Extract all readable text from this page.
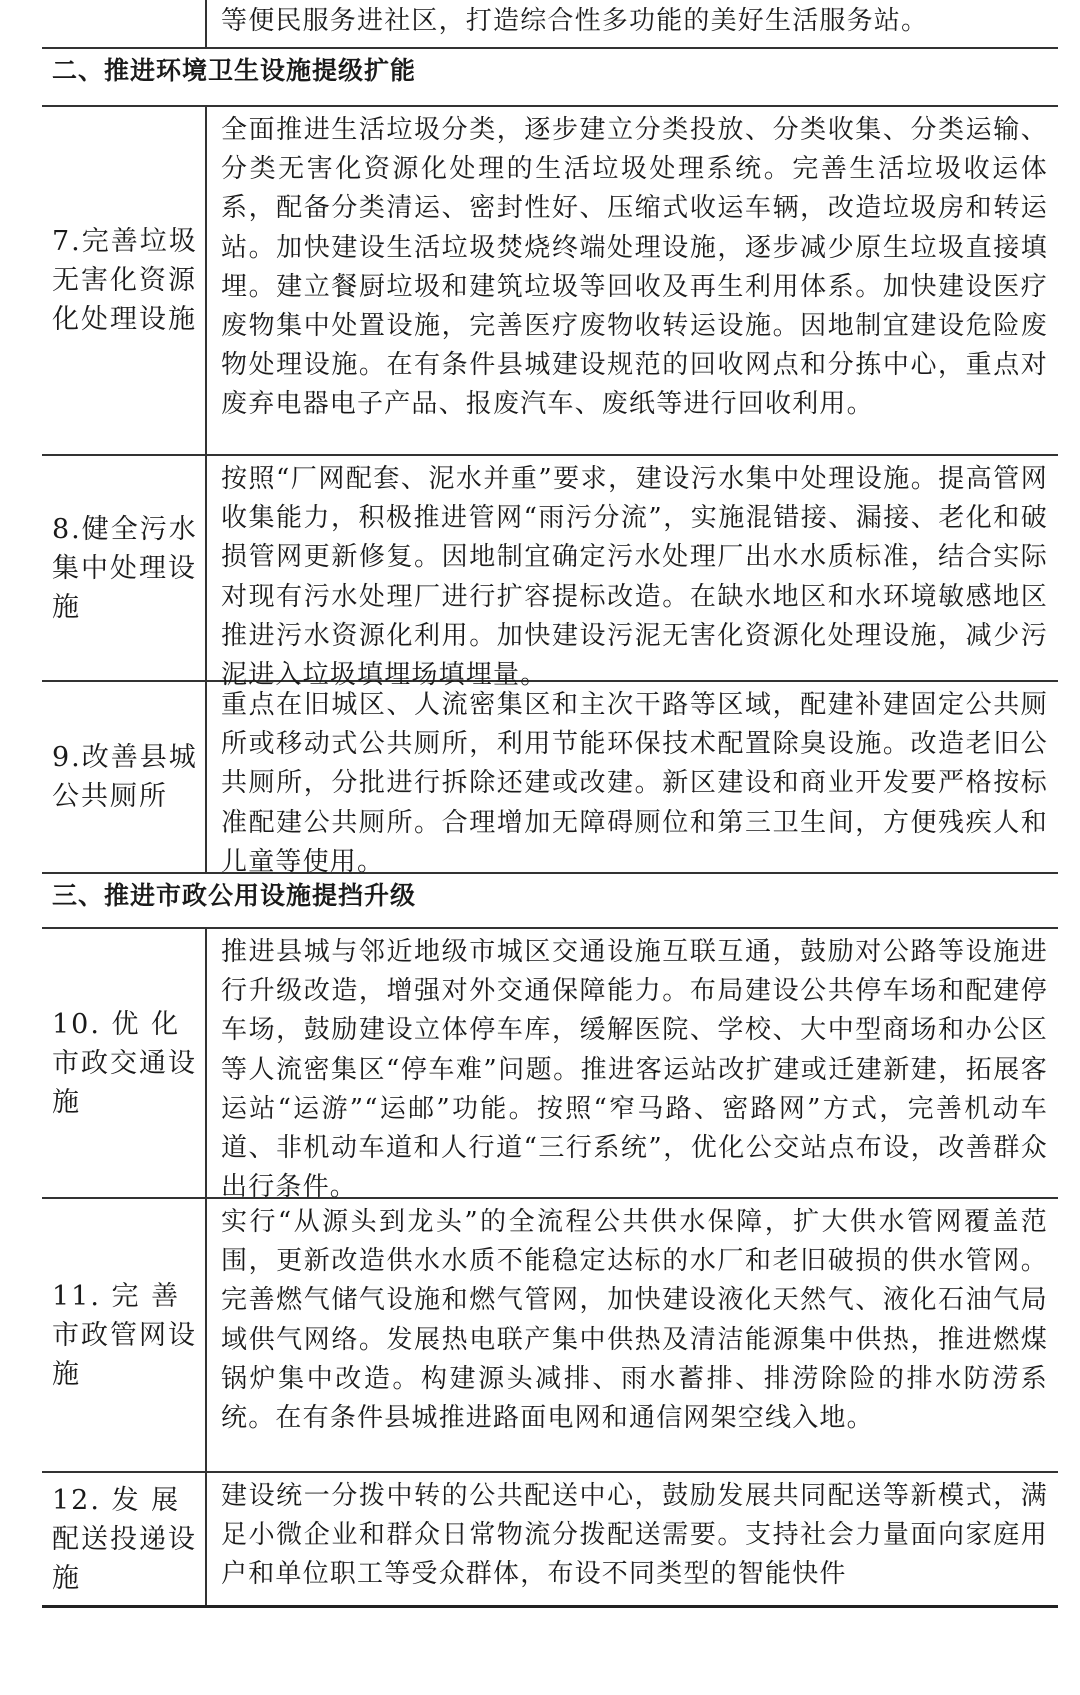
等便民服务进社区，打造综合性多功能的美好生活服务站。
二、推进环境卫生设施提级扩能
7.完善垃圾无害化资源化处理设施
全面推进生活垃圾分类，逐步建立分类投放、分类收集、分类运输、分类无害化资源化处理的生活垃圾处理系统。完善生活垃圾收运体系，配备分类清运、密封性好、压缩式收运车辆，改造垃圾房和转运站。加快建设生活垃圾焚烧终端处理设施，逐步减少原生垃圾直接填埋。建立餐厨垃圾和建筑垃圾等回收及再生利用体系。加快建设医疗废物集中处置设施，完善医疗废物收转运设施。因地制宜建设危险废物处理设施。在有条件县城建设规范的回收网点和分拣中心，重点对废弃电器电子产品、报废汽车、废纸等进行回收利用。
8.健全污水集中处理设施
按照“厂网配套、泥水并重”要求，建设污水集中处理设施。提高管网收集能力，积极推进管网“雨污分流”，实施混错接、漏接、老化和破损管网更新修复。因地制宜确定污水处理厂出水水质标准，结合实际对现有污水处理厂进行扩容提标改造。在缺水地区和水环境敏感地区推进污水资源化利用。加快建设污泥无害化资源化处理设施，减少污泥进入垃圾填埋场填埋量。
9.改善县城公共厕所
重点在旧城区、人流密集区和主次干路等区域，配建补建固定公共厕所或移动式公共厕所，利用节能环保技术配置除臭设施。改造老旧公共厕所，分批进行拆除还建或改建。新区建设和商业开发要严格按标准配建公共厕所。合理增加无障碍厕位和第三卫生间，方便残疾人和儿童等使用。
三、推进市政公用设施提挡升级
10. 优 化 市政交通设施
推进县城与邻近地级市城区交通设施互联互通，鼓励对公路等设施进行升级改造，增强对外交通保障能力。布局建设公共停车场和配建停车场，鼓励建设立体停车库，缓解医院、学校、大中型商场和办公区等人流密集区“停车难”问题。推进客运站改扩建或迁建新建，拓展客运站“运游”“运邮”功能。按照“窄马路、密路网”方式，完善机动车道、非机动车道和人行道“三行系统”，优化公交站点布设，改善群众出行条件。
11. 完 善 市政管网设施
实行“从源头到龙头”的全流程公共供水保障，扩大供水管网覆盖范围，更新改造供水水质不能稳定达标的水厂和老旧破损的供水管网。完善燃气储气设施和燃气管网，加快建设液化天然气、液化石油气局域供气网络。发展热电联产集中供热及清洁能源集中供热，推进燃煤锅炉集中改造。构建源头减排、雨水蓄排、排涝除险的排水防涝系统。在有条件县城推进路面电网和通信网架空线入地。
12. 发 展 配送投递设施
建设统一分拨中转的公共配送中心，鼓励发展共同配送等新模式，满足小微企业和群众日常物流分拨配送需要。支持社会力量面向家庭用户和单位职工等受众群体，布设不同类型的智能快件
